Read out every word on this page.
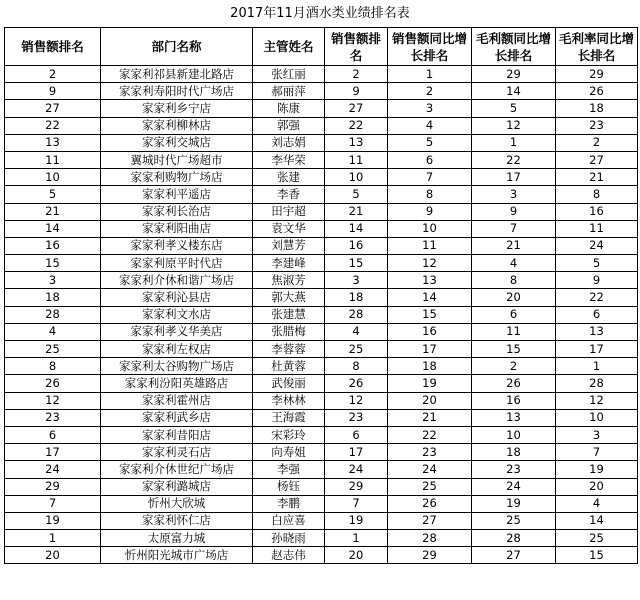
2017年11月酒水类业绩排名表
销售额排名	部门名称	主管姓名	销售额排名	销售额同比增长排名	毛利额同比增长排名	毛利率同比增长排名
2	家家利祁县新建北路店	张红丽	2	1	29	29
9	家家利寿阳时代广场店	郝丽萍	9	2	14	26
27	家家利乡宁店	陈康	27	3	5	18
22	家家利柳林店	郭强	22	4	12	23
13	家家利交城店	刘志娟	13	5	1	2
11	翼城时代广场超市	李华荣	11	6	22	27
10	家家利购物广场店	张建	10	7	17	21
5	家家利平遥店	李香	5	8	3	8
21	家家利长治店	田宇超	21	9	9	16
14	家家利阳曲店	袁文华	14	10	7	11
16	家家利孝义楼东店	刘慧芳	16	11	21	24
15	家家利原平时代店	李建峰	15	12	4	5
3	家家利介休和谐广场店	焦淑芳	3	13	8	9
18	家家利沁县店	郭大燕	18	14	20	22
28	家家利文水店	张建慧	28	15	6	6
4	家家利孝义华美店	张腊梅	4	16	11	13
25	家家利左权店	李蓉蓉	25	17	15	17
8	家家利太谷购物广场店	杜黄蓉	8	18	2	1
26	家家利汾阳英雄路店	武俊丽	26	19	26	28
12	家家利霍州店	李林林	12	20	16	12
23	家家利武乡店	王海霞	23	21	13	10
6	家家利昔阳店	宋彩玲	6	22	10	3
17	家家利灵石店	向寿姐	17	23	18	7
24	家家利介休世纪广场店	李强	24	24	23	19
29	家家利潞城店	杨钰	29	25	24	20
7	忻州大欣城	李鹏	7	26	19	4
19	家家利怀仁店	白应喜	19	27	25	14
1	太原富力城	孙晓雨	1	28	28	25
20	忻州阳光城市广场店	赵志伟	20	29	27	15
